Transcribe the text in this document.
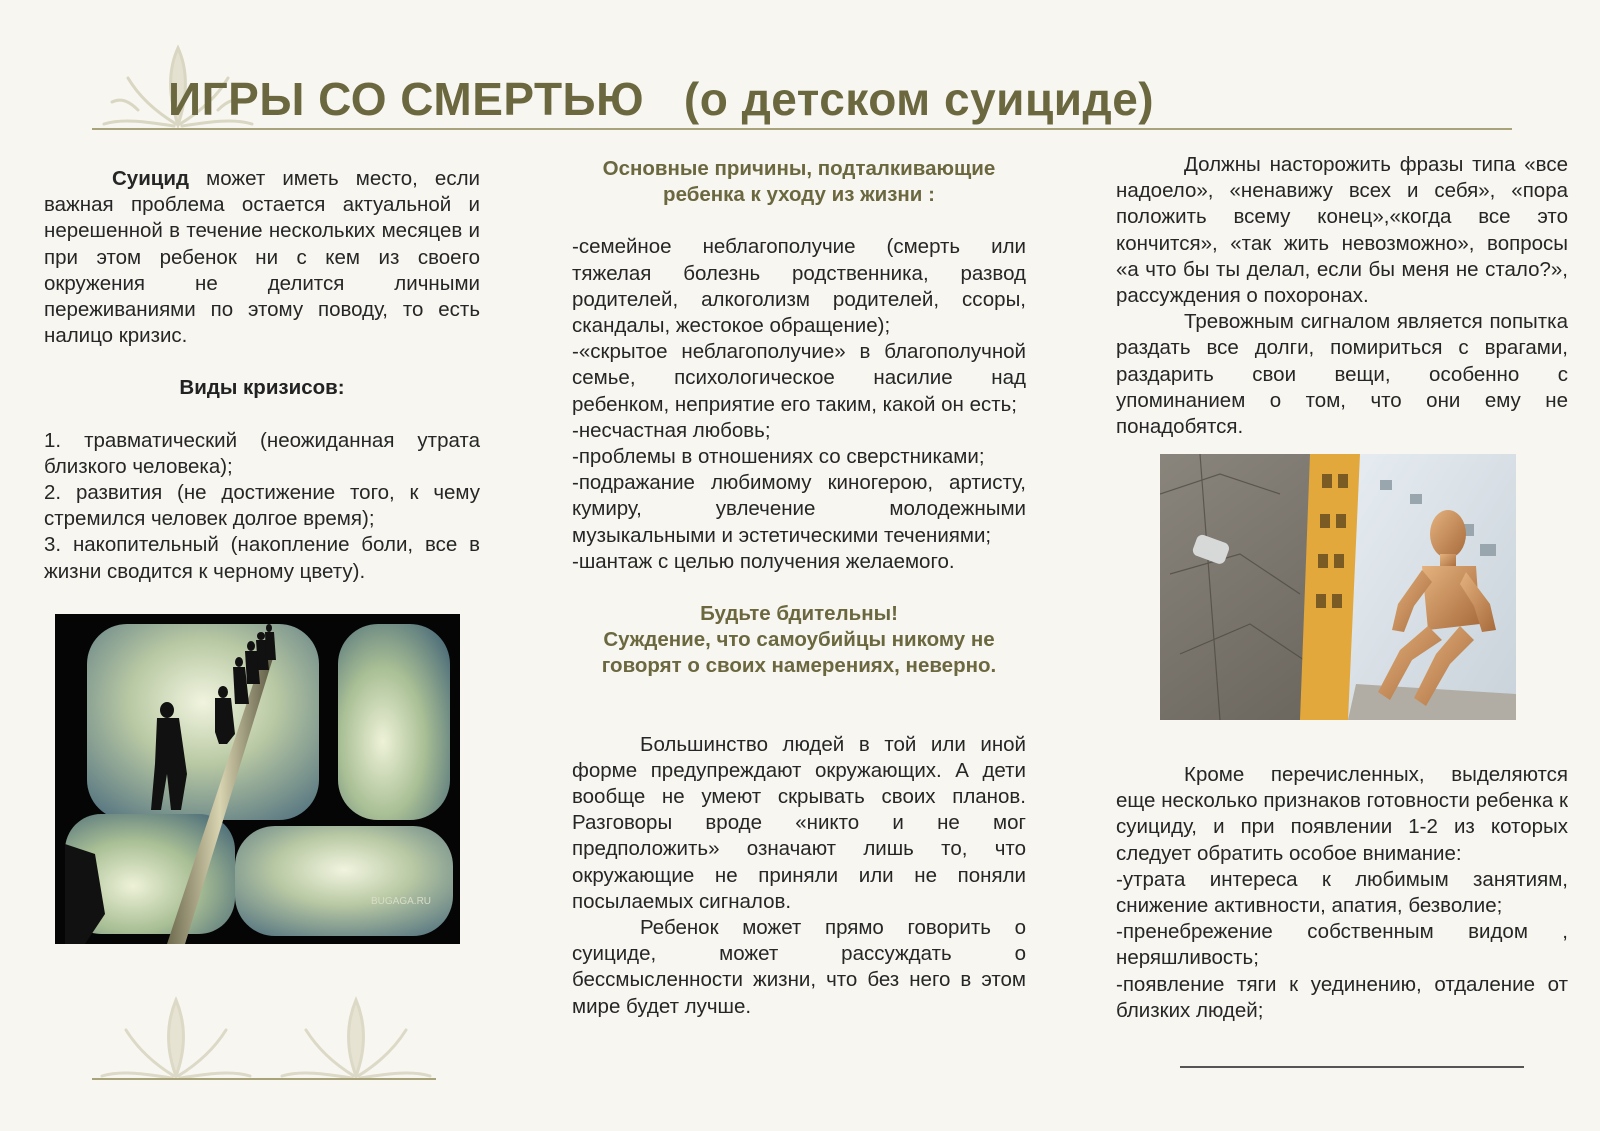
ИГРЫ СО СМЕРТЬЮ   (о детском суициде)

Суицид может иметь место, если важная проблема остается актуальной и нерешенной в течение нескольких месяцев и при этом ребенок ни с кем из своего окружения не делится личными переживаниями по этому поводу, то есть налицо кризис.

Виды кризисов:

1. травматический (неожиданная утрата близкого человека);

2. развития (не достижение того, к чему стремился человек долгое время);

3. накопительный (накопление боли, все в жизни сводится к черному цвету).

BUGAGA.RU

Основные причины, подталкивающие ребенка к уходу из жизни :

-семейное неблагополучие (смерть или тяжелая болезнь родственника, развод родителей, алкоголизм родителей, ссоры, скандалы, жестокое обращение);

-«скрытое неблагополучие» в благополучной семье, психологическое насилие над ребенком, неприятие его таким, какой он есть;

-несчастная любовь;

-проблемы в отношениях со сверстниками;

-подражание любимому киногерою, артисту, кумиру, увлечение молодежными музыкальными и эстетическими течениями;

-шантаж с целью получения желаемого.

Будьте бдительны!

Суждение, что самоубийцы никому не говорят о своих намерениях, неверно.

Большинство людей в той или иной форме предупреждают окружающих. А дети вообще не умеют скрывать своих планов. Разговоры вроде «никто и не мог предположить» означают лишь то, что окружающие не приняли или не поняли посылаемых сигналов.

Ребенок может прямо говорить о суициде, может рассуждать о бессмысленности жизни, что без него в этом мире будет лучше.

Должны насторожить фразы типа «все надоело», «ненавижу всех и себя», «пора положить всему конец»,«когда все это кончится», «так жить невозможно», вопросы «а что бы ты делал, если бы меня не стало?», рассуждения о похоронах.

Тревожным сигналом является попытка раздать все долги, помириться с врагами, раздарить свои вещи, особенно с упоминанием о том, что они ему не понадобятся.

Кроме перечисленных, выделяются еще несколько признаков готовности ребенка к суициду, и при появлении 1-2 из которых следует обратить особое внимание:

-утрата интереса к любимым занятиям, снижение активности, апатия, безволие;

-пренебрежение собственным видом , неряшливость;

-появление тяги к уединению, отдаление от близких людей;
